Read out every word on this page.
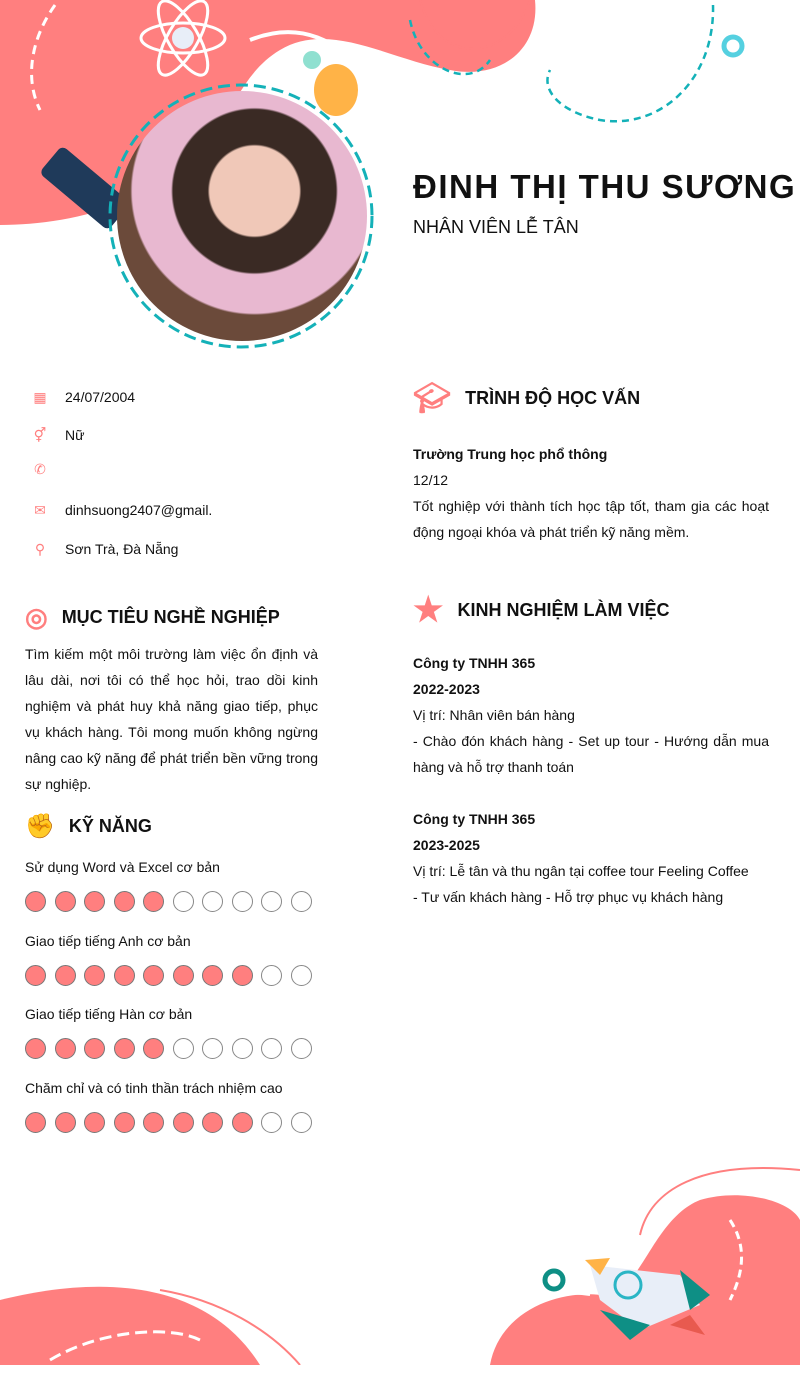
ĐINH THỊ THU SƯƠNG
NHÂN VIÊN LỄ TÂN
▦ 24/07/2004
⚥ Nữ
✆
✉ dinhsuong2407@gmail.
⚲	Sơn Trà, Đà Nẵng
◎ MỤC TIÊU NGHỀ NGHIỆP
Tìm kiếm một môi trường làm việc ổn định và lâu dài, nơi tôi có thể học hỏi, trao dồi kinh nghiệm và phát huy khả năng giao tiếp, phục vụ khách hàng. Tôi mong muốn không ngừng nâng cao kỹ năng để phát triển bền vững trong sự nghiệp.
✊ KỸ NĂNG
Sử dụng Word và Excel cơ bản
Giao tiếp tiếng Anh cơ bản
Giao tiếp tiếng Hàn cơ bản
Chăm chỉ và có tinh thần trách nhiệm cao
🎓︎ TRÌNH ĐỘ HỌC VẤN
Trường Trung học phổ thông
12/12
Tốt nghiệp với thành tích học tập tốt, tham gia các hoạt động ngoại khóa và phát triển kỹ năng mềm.
★ KINH NGHIỆM LÀM VIỆC
Công ty TNHH 365
2022-2023
Vị trí: Nhân viên bán hàng
- Chào đón khách hàng - Set up tour - Hướng dẫn mua hàng và hỗ trợ thanh toán
Công ty TNHH 365
2023-2025
Vị trí: Lễ tân và thu ngân tại coffee tour Feeling Coffee
- Tư vấn khách hàng - Hỗ trợ phục vụ khách hàng
